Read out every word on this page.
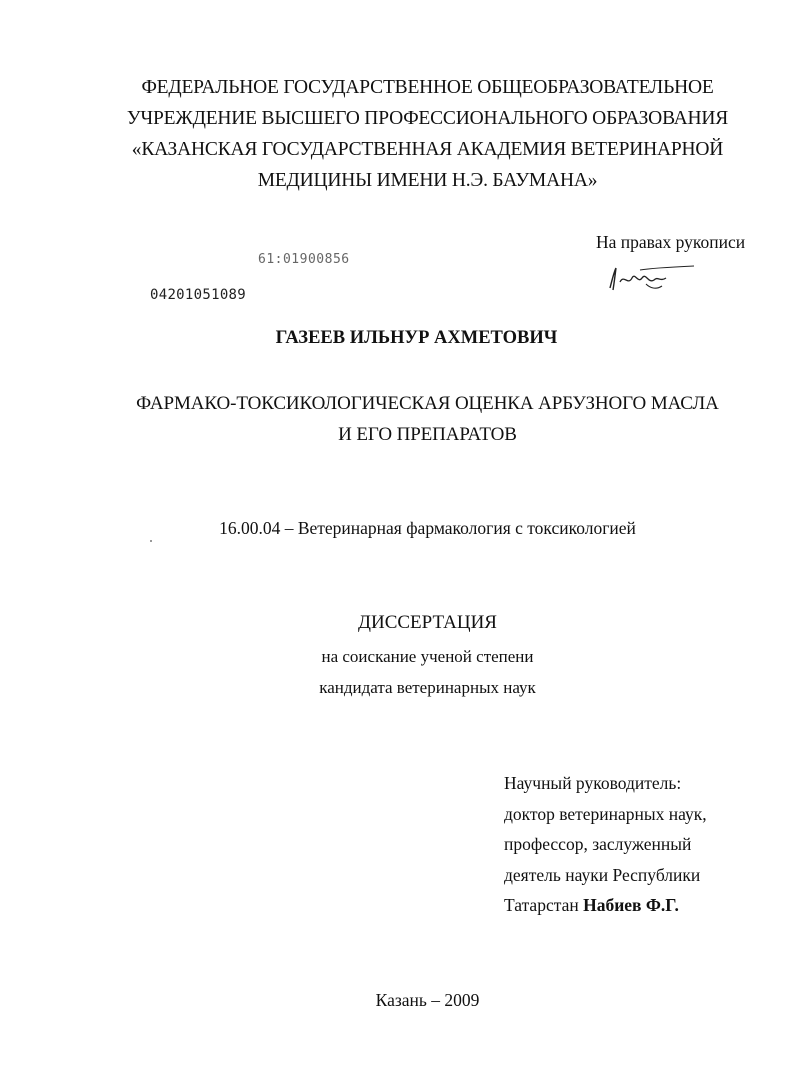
ФЕДЕРАЛЬНОЕ ГОСУДАРСТВЕННОЕ ОБЩЕОБРАЗОВАТЕЛЬНОЕ
УЧРЕЖДЕНИЕ ВЫСШЕГО ПРОФЕССИОНАЛЬНОГО ОБРАЗОВАНИЯ
«КАЗАНСКАЯ ГОСУДАРСТВЕННАЯ АКАДЕМИЯ ВЕТЕРИНАРНОЙ
МЕДИЦИНЫ ИМЕНИ Н.Э. БАУМАНА»
61:01900856
На правах рукописи
04201051089
ГАЗЕЕВ ИЛЬНУР АХМЕТОВИЧ
ФАРМАКО-ТОКСИКОЛОГИЧЕСКАЯ ОЦЕНКА АРБУЗНОГО МАСЛА
И ЕГО ПРЕПАРАТОВ
16.00.04 – Ветеринарная фармакология с токсикологией
ДИССЕРТАЦИЯ
на соискание ученой степени
кандидата ветеринарных наук
Научный руководитель:
доктор ветеринарных наук,
профессор, заслуженный
деятель науки Республики
Татарстан Набиев Ф.Г.
Казань – 2009
